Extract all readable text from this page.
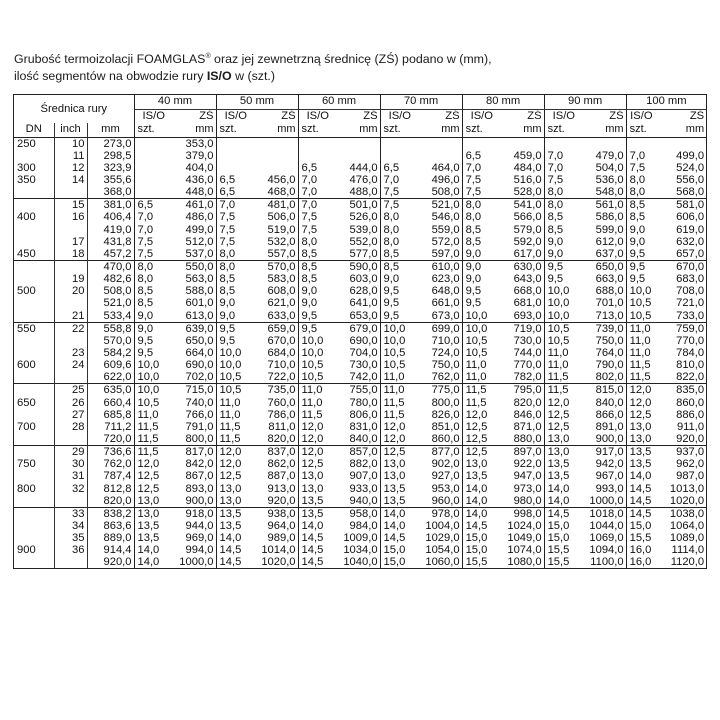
Grubość termoizolacji FOAMGLAS® oraz jej zewnetrzną średnicę (ZŚ) podano w (mm),
ilość segmentów na obwodzie rury IS/O w (szt.)
Średnica rury			40 mm		50 mm		60 mm		70 mm		80 mm		90 mm		100 mm	
			IS/O	ZŚ	IS/O	ZŚ	IS/O	ZŚ	IS/O	ZŚ	IS/O	ZŚ	IS/O	ZŚ	IS/O	ZŚ
DN	inch	mm	szt.	mm	szt.	mm	szt.	mm	szt.	mm	szt.	mm	szt.	mm	szt.	mm
250	10	273,0		353,0												
	11	298,5		379,0							6,5	459,0	7,0	479,0	7,0	499,0
300	12	323,9		404,0			6,5	444,0	6,5	464,0	7,0	484,0	7,0	504,0	7,5	524,0
350	14	355,6		436,0	6,5	456,0	7,0	476,0	7,0	496,0	7,5	516,0	7,5	536,0	8,0	556,0
		368,0		448,0	6,5	468,0	7,0	488,0	7,5	508,0	7,5	528,0	8,0	548,0	8,0	568,0
	15	381,0	6,5	461,0	7,0	481,0	7,0	501,0	7,5	521,0	8,0	541,0	8,0	561,0	8,5	581,0
400	16	406,4	7,0	486,0	7,5	506,0	7,5	526,0	8,0	546,0	8,0	566,0	8,5	586,0	8,5	606,0
		419,0	7,0	499,0	7,5	519,0	7,5	539,0	8,0	559,0	8,5	579,0	8,5	599,0	9,0	619,0
	17	431,8	7,5	512,0	7,5	532,0	8,0	552,0	8,0	572,0	8,5	592,0	9,0	612,0	9,0	632,0
450	18	457,2	7,5	537,0	8,0	557,0	8,5	577,0	8,5	597,0	9,0	617,0	9,0	637,0	9,5	657,0
		470,0	8,0	550,0	8,0	570,0	8,5	590,0	8,5	610,0	9,0	630,0	9,5	650,0	9,5	670,0
	19	482,6	8,0	563,0	8,5	583,0	8,5	603,0	9,0	623,0	9,0	643,0	9,5	663,0	9,5	683,0
500	20	508,0	8,5	588,0	8,5	608,0	9,0	628,0	9,5	648,0	9,5	668,0	10,0	688,0	10,0	708,0
		521,0	8,5	601,0	9,0	621,0	9,0	641,0	9,5	661,0	9,5	681,0	10,0	701,0	10,5	721,0
	21	533,4	9,0	613,0	9,0	633,0	9,5	653,0	9,5	673,0	10,0	693,0	10,0	713,0	10,5	733,0
550	22	558,8	9,0	639,0	9,5	659,0	9,5	679,0	10,0	699,0	10,0	719,0	10,5	739,0	11,0	759,0
		570,0	9,5	650,0	9,5	670,0	10,0	690,0	10,0	710,0	10,5	730,0	10,5	750,0	11,0	770,0
	23	584,2	9,5	664,0	10,0	684,0	10,0	704,0	10,5	724,0	10,5	744,0	11,0	764,0	11,0	784,0
600	24	609,6	10,0	690,0	10,0	710,0	10,5	730,0	10,5	750,0	11,0	770,0	11,0	790,0	11,5	810,0
		622,0	10,0	702,0	10,5	722,0	10,5	742,0	11,0	762,0	11,0	782,0	11,5	802,0	11,5	822,0
	25	635,0	10,0	715,0	10,5	735,0	11,0	755,0	11,0	775,0	11,5	795,0	11,5	815,0	12,0	835,0
650	26	660,4	10,5	740,0	11,0	760,0	11,0	780,0	11,5	800,0	11,5	820,0	12,0	840,0	12,0	860,0
	27	685,8	11,0	766,0	11,0	786,0	11,5	806,0	11,5	826,0	12,0	846,0	12,5	866,0	12,5	886,0
700	28	711,2	11,5	791,0	11,5	811,0	12,0	831,0	12,0	851,0	12,5	871,0	12,5	891,0	13,0	911,0
		720,0	11,5	800,0	11,5	820,0	12,0	840,0	12,0	860,0	12,5	880,0	13,0	900,0	13,0	920,0
	29	736,6	11,5	817,0	12,0	837,0	12,0	857,0	12,5	877,0	12,5	897,0	13,0	917,0	13,5	937,0
750	30	762,0	12,0	842,0	12,0	862,0	12,5	882,0	13,0	902,0	13,0	922,0	13,5	942,0	13,5	962,0
	31	787,4	12,5	867,0	12,5	887,0	13,0	907,0	13,0	927,0	13,5	947,0	13,5	967,0	14,0	987,0
800	32	812,8	12,5	893,0	13,0	913,0	13,0	933,0	13,5	953,0	14,0	973,0	14,0	993,0	14,5	1013,0
		820,0	13,0	900,0	13,0	920,0	13,5	940,0	13,5	960,0	14,0	980,0	14,0	1000,0	14,5	1020,0
	33	838,2	13,0	918,0	13,5	938,0	13,5	958,0	14,0	978,0	14,0	998,0	14,5	1018,0	14,5	1038,0
	34	863,6	13,5	944,0	13,5	964,0	14,0	984,0	14,0	1004,0	14,5	1024,0	15,0	1044,0	15,0	1064,0
	35	889,0	13,5	969,0	14,0	989,0	14,5	1009,0	14,5	1029,0	15,0	1049,0	15,0	1069,0	15,5	1089,0
900	36	914,4	14,0	994,0	14,5	1014,0	14,5	1034,0	15,0	1054,0	15,0	1074,0	15,5	1094,0	16,0	1114,0
		920,0	14,0	1000,0	14,5	1020,0	14,5	1040,0	15,0	1060,0	15,5	1080,0	15,5	1100,0	16,0	1120,0
